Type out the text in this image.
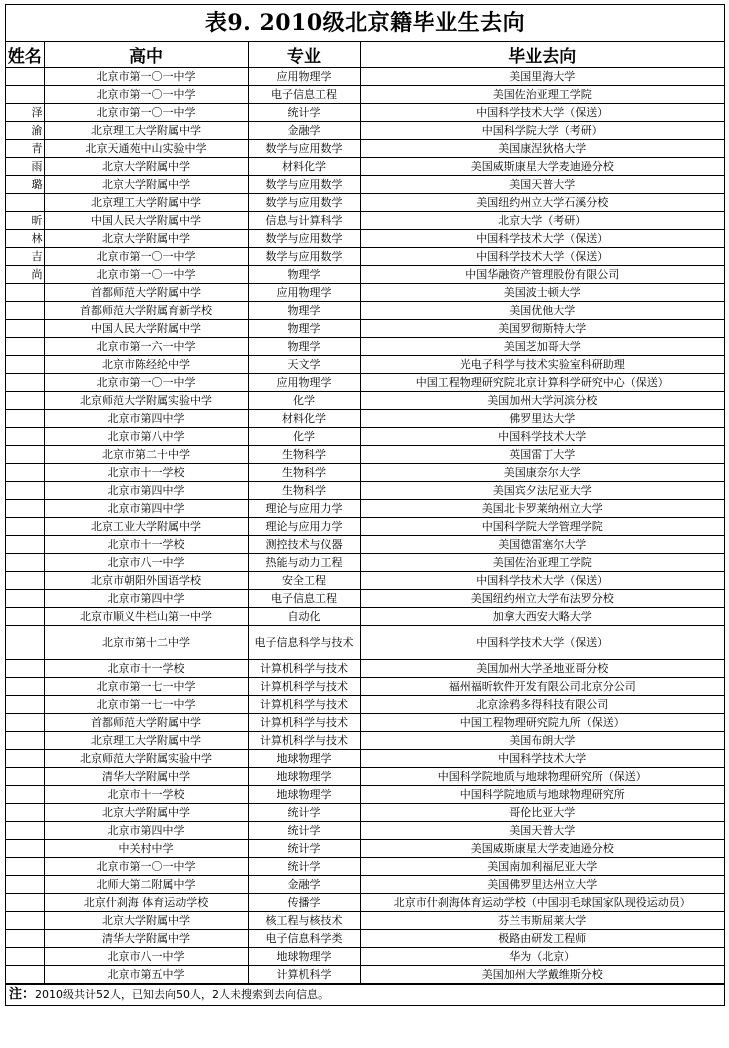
表9. 2010级北京籍毕业生去向
姓名	高中	专业	毕业去向
	北京市第一〇一中学	应用物理学	美国里海大学
	北京市第一〇一中学	电子信息工程	美国佐治亚理工学院
泽	北京市第一〇一中学	统计学	中国科学技术大学（保送）
渝	北京理工大学附属中学	金融学	中国科学院大学（考研）
青	北京天通苑中山实验中学	数学与应用数学	美国康涅狄格大学
雨	北京大学附属中学	材料化学	美国威斯康星大学麦迪逊分校
璐	北京大学附属中学	数学与应用数学	美国天普大学
	北京理工大学附属中学	数学与应用数学	美国纽约州立大学石溪分校
昕	中国人民大学附属中学	信息与计算科学	北京大学（考研）
林	北京大学附属中学	数学与应用数学	中国科学技术大学（保送）
吉	北京市第一〇一中学	数学与应用数学	中国科学技术大学（保送）
尚	北京市第一〇一中学	物理学	中国华融资产管理股份有限公司
	首都师范大学附属中学	应用物理学	美国波士顿大学
	首都师范大学附属育新学校	物理学	美国优他大学
	中国人民大学附属中学	物理学	美国罗彻斯特大学
	北京市第一六一中学	物理学	美国芝加哥大学
	北京市陈经纶中学	天文学	光电子科学与技术实验室科研助理
	北京市第一〇一中学	应用物理学	中国工程物理研究院北京计算科学研究中心（保送）
	北京师范大学附属实验中学	化学	美国加州大学河滨分校
	北京市第四中学	材料化学	佛罗里达大学
	北京市第八中学	化学	中国科学技术大学
	北京市第二十中学	生物科学	英国雷丁大学
	北京市十一学校	生物科学	美国康奈尔大学
	北京市第四中学	生物科学	美国宾夕法尼亚大学
	北京市第四中学	理论与应用力学	美国北卡罗莱纳州立大学
	北京工业大学附属中学	理论与应用力学	中国科学院大学管理学院
	北京市十一学校	测控技术与仪器	美国德雷塞尔大学
	北京市八一中学	热能与动力工程	美国佐治亚理工学院
	北京市朝阳外国语学校	安全工程	中国科学技术大学（保送）
	北京市第四中学	电子信息工程	美国纽约州立大学布法罗分校
	北京市顺义牛栏山第一中学	自动化	加拿大西安大略大学
	北京市第十二中学	电子信息科学与技术	中国科学技术大学（保送）
	北京市十一学校	计算机科学与技术	美国加州大学圣地亚哥分校
	北京市第一七一中学	计算机科学与技术	福州福昕软件开发有限公司北京分公司
	北京市第一七一中学	计算机科学与技术	北京涂鸦多得科技有限公司
	首都师范大学附属中学	计算机科学与技术	中国工程物理研究院九所（保送）
	北京理工大学附属中学	计算机科学与技术	美国布朗大学
	北京师范大学附属实验中学	地球物理学	中国科学技术大学
	清华大学附属中学	地球物理学	中国科学院地质与地球物理研究所（保送）
	北京市十一学校	地球物理学	中国科学院地质与地球物理研究所
	北京大学附属中学	统计学	哥伦比亚大学
	北京市第四中学	统计学	美国天普大学
	中关村中学	统计学	美国威斯康星大学麦迪逊分校
	北京市第一〇一中学	统计学	美国南加利福尼亚大学
	北师大第二附属中学	金融学	美国佛罗里达州立大学
	北京什刹海 体育运动学校	传播学	北京市什刹海体育运动学校（中国羽毛球国家队现役运动员）
	北京大学附属中学	核工程与核技术	芬兰韦斯屈莱大学
	清华大学附属中学	电子信息科学类	极路由研发工程师
	北京市八一中学	地球物理学	华为（北京）
	北京市第五中学	计算机科学	美国加州大学戴维斯分校
注：2010级共计52人，已知去向50人，2人未搜索到去向信息。
